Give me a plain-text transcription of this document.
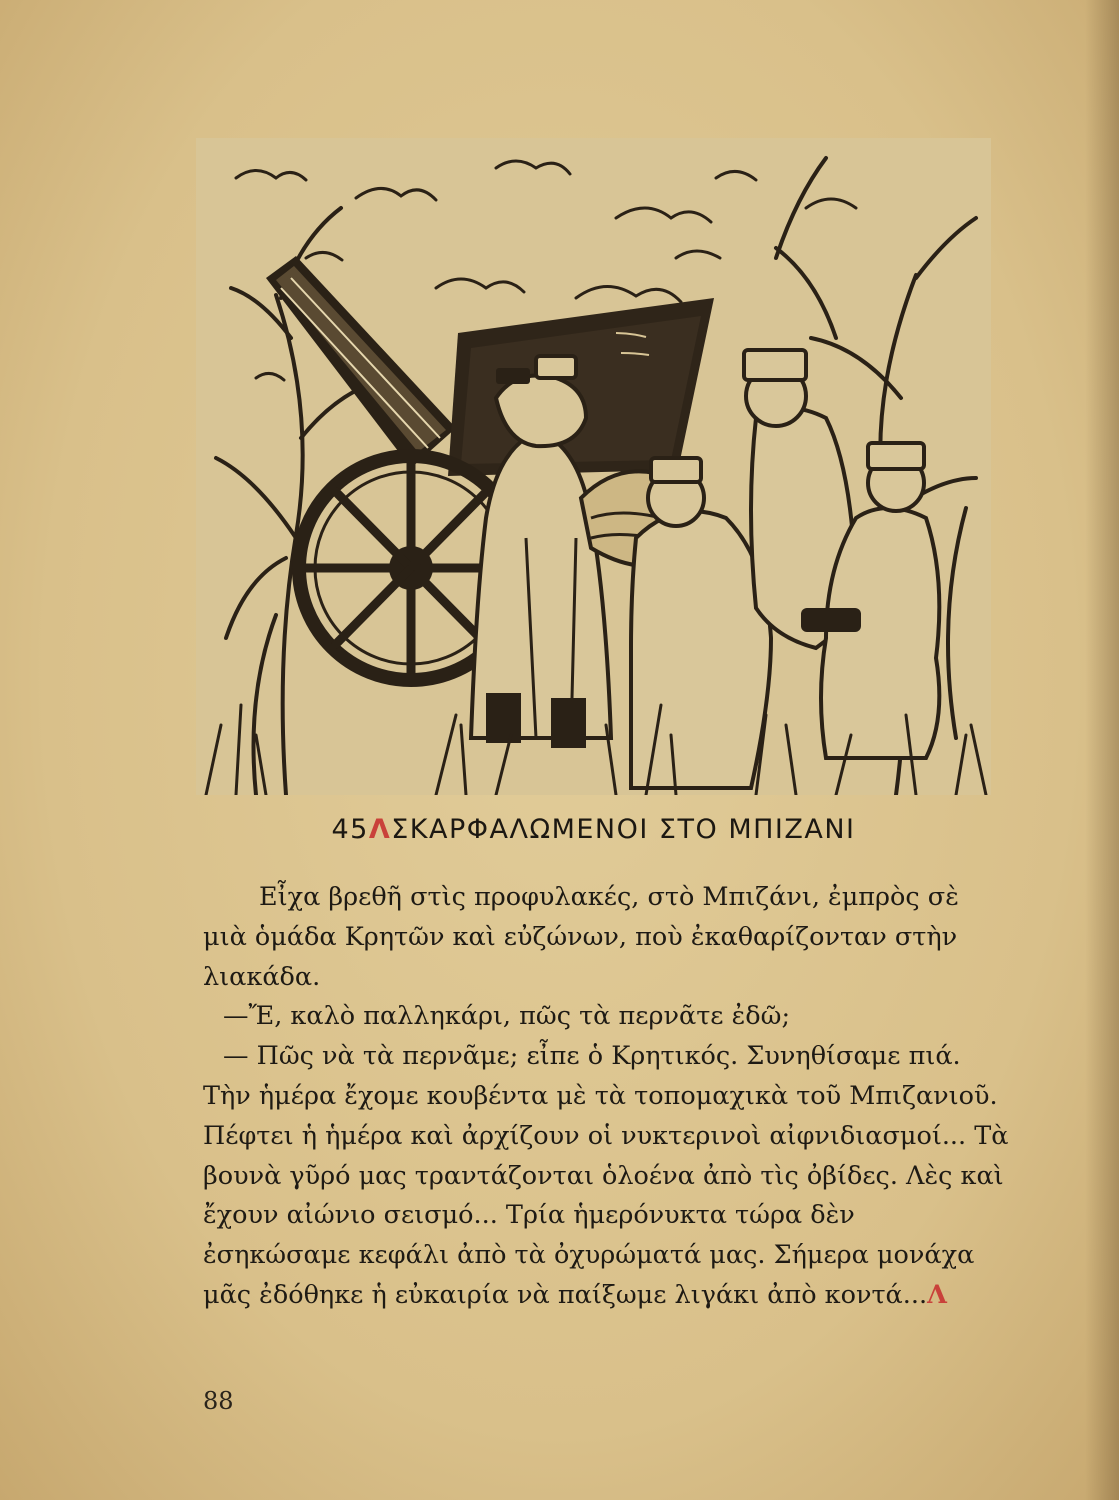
45ΛΣΚΑΡΦΑΛΩΜΕΝΟΙ ΣΤΟ ΜΠΙΖΑΝΙ

Εἶχα βρεθῆ στὶς προφυλακές, στὸ Μπιζάνι, ἐμπρὸς σὲ μιὰ ὁμάδα Κρητῶν καὶ εὐζώνων, ποὺ ἐκαθαρίζονταν στὴν λιακάδα.

—Ἔ, καλὸ παλληκάρι, πῶς τὰ περνᾶτε ἐδῶ;

— Πῶς νὰ τὰ περνᾶμε; εἶπε ὁ Κρητικός. Συνηθίσαμε πιά. Τὴν ἡμέρα ἔχομε κουβέντα μὲ τὰ τοπομαχικὰ τοῦ Μπιζανιοῦ. Πέφτει ἡ ἡμέρα καὶ ἀρχίζουν οἱ νυκτερινοὶ αἰφνιδιασμοί... Τὰ βουνὰ γῦρό μας τραντάζονται ὁλοένα ἀπὸ τὶς ὀβίδες. Λὲς καὶ ἔχουν αἰώνιο σεισμό... Τρία ἡμερόνυκτα τώρα δὲν ἐσηκώσαμε κεφάλι ἀπὸ τὰ ὀχυρώματά μας. Σήμερα μονάχα μᾶς ἐδόθηκε ἡ εὐκαιρία νὰ παίξωμε λιγάκι ἀπὸ κοντά...Λ

88
